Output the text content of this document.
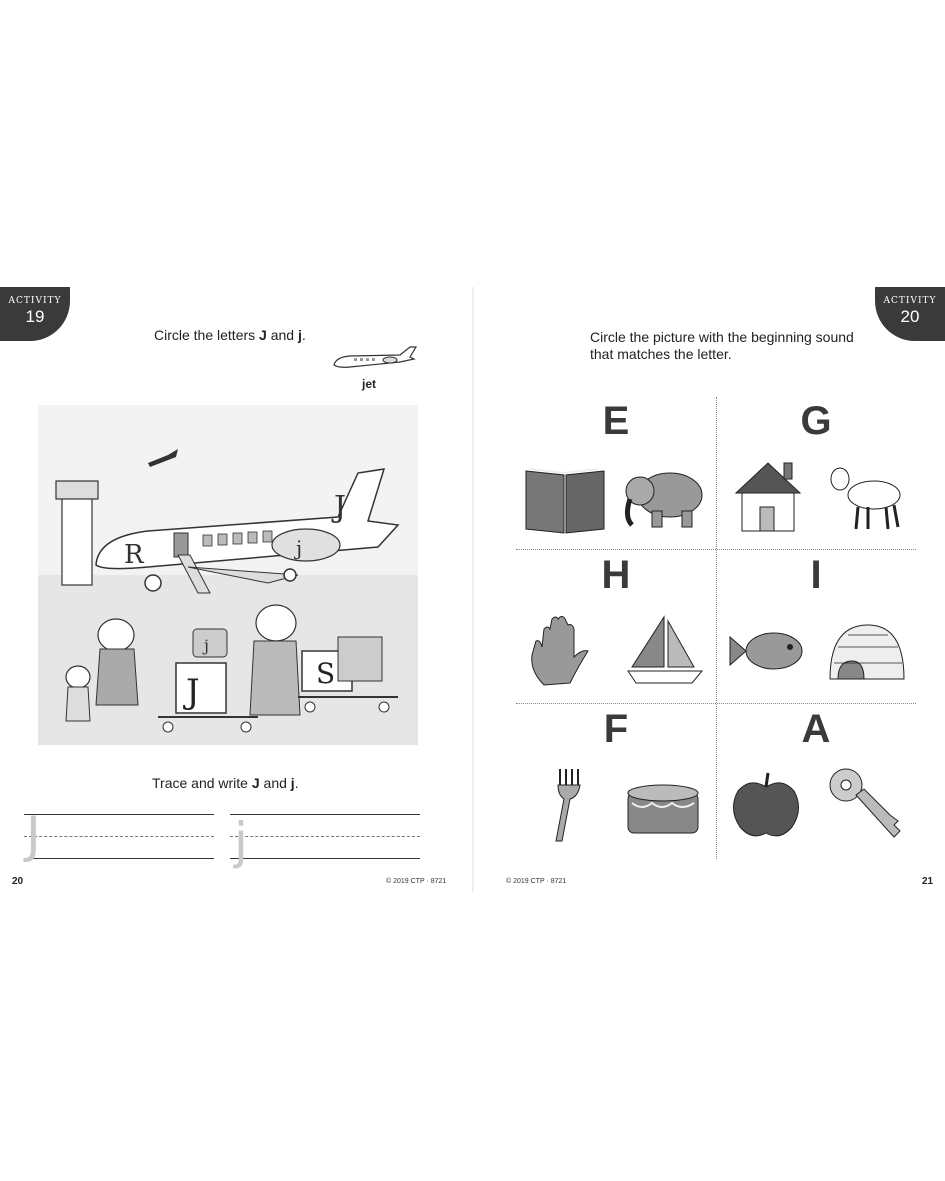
ACTIVITY
19
Circle the letters J and j.
jet
R	j
J
j
J	S
Trace and write J and j.
J	j
20	© 2019 CTP · 8721
ACTIVITY
20
Circle the picture with the beginning sound
that matches the letter.
E	G
H	I
F	A
© 2019 CTP · 8721	21
